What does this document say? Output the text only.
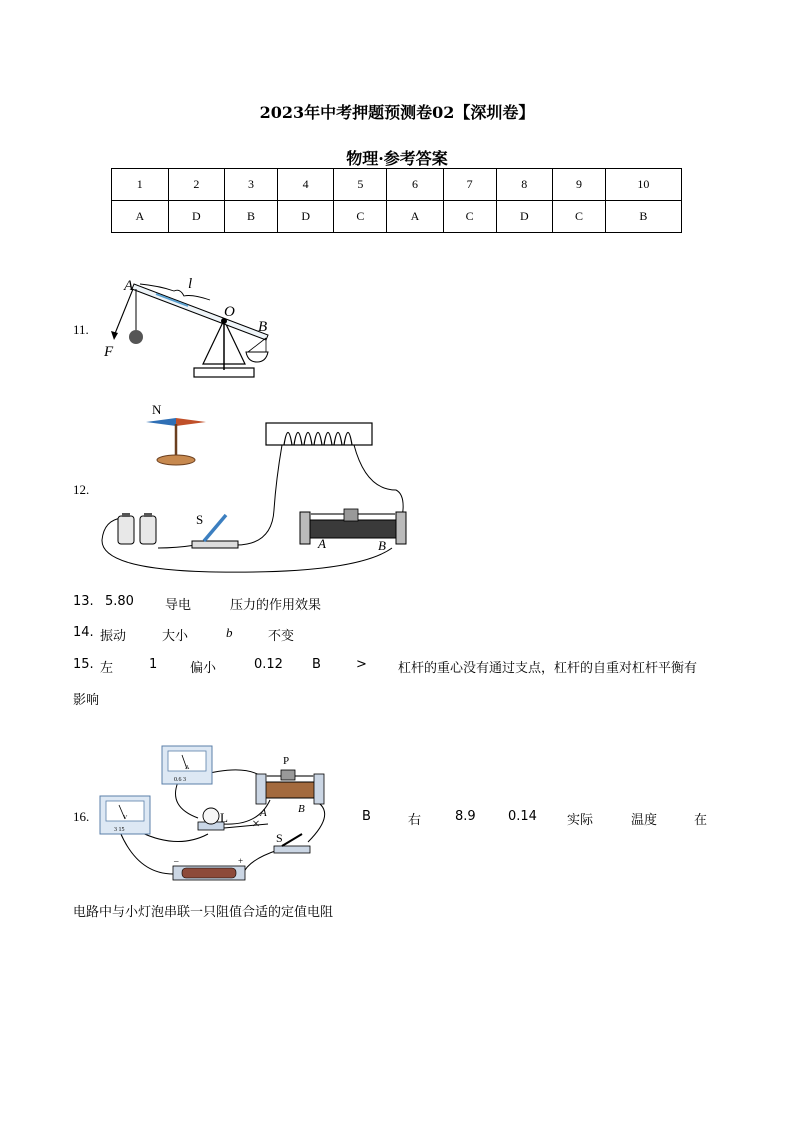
2023年中考押题预测卷02【深圳卷】
物理·参考答案
1	2	3	4	5	6	7	8	9	10
A	D	B	D	C	A	C	D	C	B
11.
A	l
O
B
F
12.
N
S
A	B
13. 5.80 导电	压力的作用效果
14. 振动	大小	b	不变
15. 左	1	偏小	0.12 B	> 杠杆的重心没有通过支点，杠杆的自重对杠杆平衡有
影响
16.
×
A
0.6 3
V
3 15
L
P
A	B
S
–	+
B	右	8.9 0.14 实际	温度	在
电路中与小灯泡串联一只阻值合适的定值电阻
